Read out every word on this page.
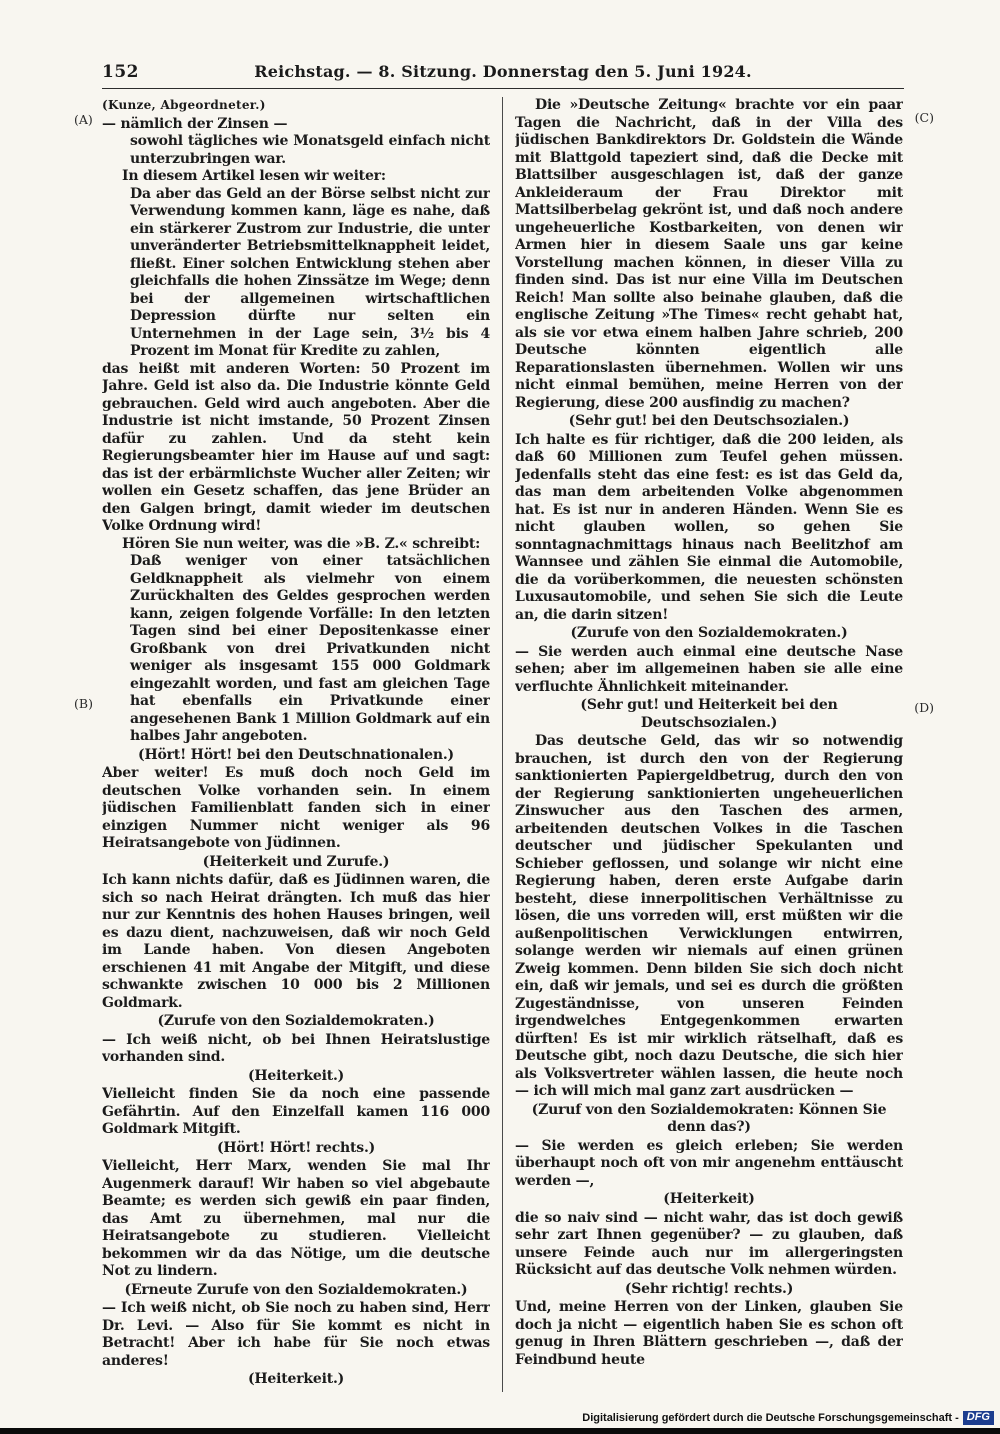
152	Reichstag. — 8. Sitzung. Donnerstag den 5. Juni 1924.
(A)
(B)
(C)
(D)

(Kunze, Abgeordneter.)

— nämlich der Zinsen —

sowohl tägliches wie Monatsgeld einfach nicht unterzubringen war.

In diesem Artikel lesen wir weiter:

Da aber das Geld an der Börse selbst nicht zur Verwendung kommen kann, läge es nahe, daß ein stärkerer Zustrom zur Industrie, die unter unveränderter Betriebsmittelknappheit leidet, fließt. Einer solchen Entwicklung stehen aber gleichfalls die hohen Zinssätze im Wege; denn bei der allgemeinen wirtschaftlichen Depression dürfte nur selten ein Unternehmen in der Lage sein, 3½ bis 4 Prozent im Monat für Kredite zu zahlen,

das heißt mit anderen Worten: 50 Prozent im Jahre. Geld ist also da. Die Industrie könnte Geld gebrauchen. Geld wird auch angeboten. Aber die Industrie ist nicht imstande, 50 Prozent Zinsen dafür zu zahlen. Und da steht kein Regierungsbeamter hier im Hause auf und sagt: das ist der erbärmlichste Wucher aller Zeiten; wir wollen ein Gesetz schaffen, das jene Brüder an den Galgen bringt, damit wieder im deutschen Volke Ordnung wird!

Hören Sie nun weiter, was die »B. Z.« schreibt:

Daß weniger von einer tatsächlichen Geldknappheit als vielmehr von einem Zurückhalten des Geldes gesprochen werden kann, zeigen folgende Vorfälle: In den letzten Tagen sind bei einer Depositenkasse einer Großbank von drei Privatkunden nicht weniger als insgesamt 155 000 Goldmark eingezahlt worden, und fast am gleichen Tage hat ebenfalls ein Privatkunde einer angesehenen Bank 1 Million Goldmark auf ein halbes Jahr angeboten.

(Hört! Hört! bei den Deutschnationalen.)

Aber weiter! Es muß doch noch Geld im deutschen Volke vorhanden sein. In einem jüdischen Familienblatt fanden sich in einer einzigen Nummer nicht weniger als 96 Heiratsangebote von Jüdinnen.

(Heiterkeit und Zurufe.)

Ich kann nichts dafür, daß es Jüdinnen waren, die sich so nach Heirat drängten. Ich muß das hier nur zur Kenntnis des hohen Hauses bringen, weil es dazu dient, nachzuweisen, daß wir noch Geld im Lande haben. Von diesen Angeboten erschienen 41 mit Angabe der Mitgift, und diese schwankte zwischen 10 000 bis 2 Millionen Goldmark.

(Zurufe von den Sozialdemokraten.)

— Ich weiß nicht, ob bei Ihnen Heiratslustige vorhanden sind.

(Heiterkeit.)

Vielleicht finden Sie da noch eine passende Gefährtin. Auf den Einzelfall kamen 116 000 Goldmark Mitgift.

(Hört! Hört! rechts.)

Vielleicht, Herr Marx, wenden Sie mal Ihr Augenmerk darauf! Wir haben so viel abgebaute Beamte; es werden sich gewiß ein paar finden, das Amt zu übernehmen, mal nur die Heiratsangebote zu studieren. Vielleicht bekommen wir da das Nötige, um die deutsche Not zu lindern.

(Erneute Zurufe von den Sozialdemokraten.)

— Ich weiß nicht, ob Sie noch zu haben sind, Herr Dr. Levi. — Also für Sie kommt es nicht in Betracht! Aber ich habe für Sie noch etwas anderes!

(Heiterkeit.)

Die »Deutsche Zeitung« brachte vor ein paar Tagen die Nachricht, daß in der Villa des jüdischen Bankdirektors Dr. Goldstein die Wände mit Blattgold tapeziert sind, daß die Decke mit Blattsilber ausgeschlagen ist, daß der ganze Ankleideraum der Frau Direktor mit Mattsilberbelag gekrönt ist, und daß noch andere ungeheuerliche Kostbarkeiten, von denen wir Armen hier in diesem Saale uns gar keine Vorstellung machen können, in dieser Villa zu finden sind. Das ist nur eine Villa im Deutschen Reich! Man sollte also beinahe glauben, daß die englische Zeitung »The Times« recht gehabt hat, als sie vor etwa einem halben Jahre schrieb, 200 Deutsche könnten eigentlich alle Reparationslasten übernehmen. Wollen wir uns nicht einmal bemühen, meine Herren von der Regierung, diese 200 ausfindig zu machen?

(Sehr gut! bei den Deutschsozialen.)

Ich halte es für richtiger, daß die 200 leiden, als daß 60 Millionen zum Teufel gehen müssen. Jedenfalls steht das eine fest: es ist das Geld da, das man dem arbeitenden Volke abgenommen hat. Es ist nur in anderen Händen. Wenn Sie es nicht glauben wollen, so gehen Sie sonntagnachmittags hinaus nach Beelitzhof am Wannsee und zählen Sie einmal die Automobile, die da vorüberkommen, die neuesten schönsten Luxusautomobile, und sehen Sie sich die Leute an, die darin sitzen!

(Zurufe von den Sozialdemokraten.)

— Sie werden auch einmal eine deutsche Nase sehen; aber im allgemeinen haben sie alle eine verfluchte Ähnlichkeit miteinander.

(Sehr gut! und Heiterkeit bei den Deutschsozialen.)

Das deutsche Geld, das wir so notwendig brauchen, ist durch den von der Regierung sanktionierten Papiergeldbetrug, durch den von der Regierung sanktionierten ungeheuerlichen Zinswucher aus den Taschen des armen, arbeitenden deutschen Volkes in die Taschen deutscher und jüdischer Spekulanten und Schieber geflossen, und solange wir nicht eine Regierung haben, deren erste Aufgabe darin besteht, diese innerpolitischen Verhältnisse zu lösen, die uns vorreden will, erst müßten wir die außenpolitischen Verwicklungen entwirren, solange werden wir niemals auf einen grünen Zweig kommen. Denn bilden Sie sich doch nicht ein, daß wir jemals, und sei es durch die größten Zugeständnisse, von unseren Feinden irgendwelches Entgegenkommen erwarten dürften! Es ist mir wirklich rätselhaft, daß es Deutsche gibt, noch dazu Deutsche, die sich hier als Volksvertreter wählen lassen, die heute noch — ich will mich mal ganz zart ausdrücken —

(Zuruf von den Sozialdemokraten: Können Sie denn das?)

— Sie werden es gleich erleben; Sie werden überhaupt noch oft von mir angenehm enttäuscht werden —,

(Heiterkeit)

die so naiv sind — nicht wahr, das ist doch gewiß sehr zart Ihnen gegenüber? — zu glauben, daß unsere Feinde auch nur im allergeringsten Rücksicht auf das deutsche Volk nehmen würden.

(Sehr richtig! rechts.)

Und, meine Herren von der Linken, glauben Sie doch ja nicht — eigentlich haben Sie es schon oft genug in Ihren Blättern geschrieben —, daß der Feindbund heute

Digitalisierung gefördert durch die Deutsche Forschungsgemeinschaft - DFG
